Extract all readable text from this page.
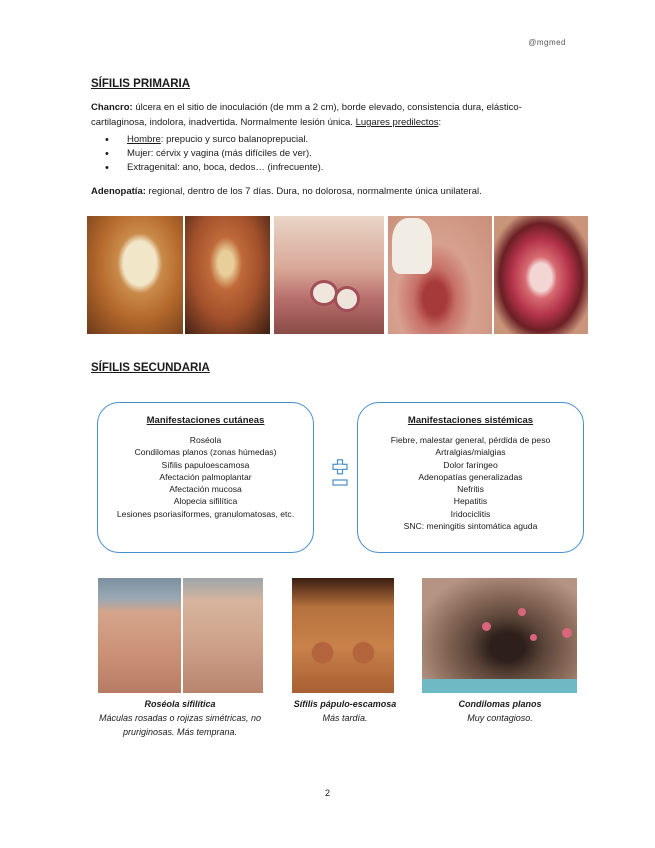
@mgmed
SÍFILIS PRIMARIA
Chancro: úlcera en el sitio de inoculación (de mm a 2 cm), borde elevado, consistencia dura, elástico-cartilaginosa, indolora, inadvertida. Normalmente lesión única. Lugares predilectos:
• Hombre: prepucio y surco balanoprepucial.
• Mujer: cérvix y vagina (más difíciles de ver).
• Extragenital: ano, boca, dedos… (infrecuente).
Adenopatía: regional, dentro de los 7 días. Dura, no dolorosa, normalmente única unilateral.
SÍFILIS SECUNDARIA
Manifestaciones cutáneas
Roséola
Condilomas planos (zonas húmedas)
Sífilis papuloescamosa
Afectación palmoplantar
Afectación mucosa
Alopecia sifilítica
Lesiones psoriasiformes, granulomatosas, etc.
Manifestaciones sistémicas
Fiebre, malestar general, pérdida de peso
Artralgias/mialgias
Dolor faríngeo
Adenopatías generalizadas
Nefritis
Hepatitis
Iridociclitis
SNC: meningitis sintomática aguda
Roséola sifilítica
Máculas rosadas o rojizas simétricas, no pruriginosas. Más temprana.
Sífilis pápulo-escamosa
Más tardía.
Condilomas planos
Muy contagioso.
2
